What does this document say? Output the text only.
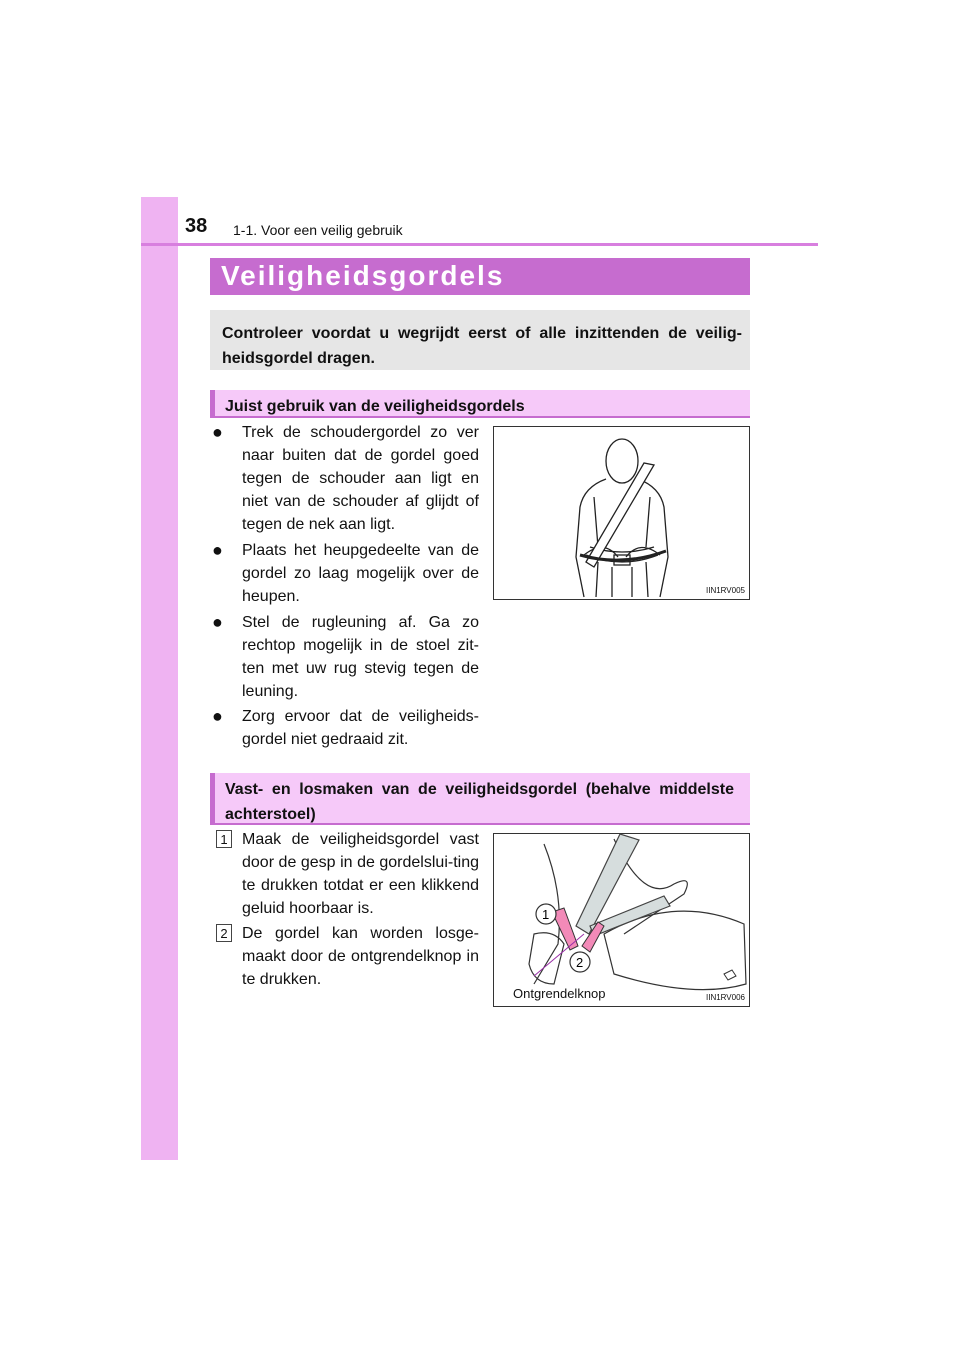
38 1-1. Voor een veilig gebruik
Veiligheidsgordels

Controleer voordat u wegrijdt eerst of alle inzittenden de veilig-heidsgordel dragen.

Juist gebruik van de veiligheidsgordels
● Trek de schoudergordel zo ver naar buiten dat de gordel goed tegen de schouder aan ligt en niet van de schouder af glijdt of tegen de nek aan ligt.
● Plaats het heupgedeelte van de gordel zo laag mogelijk over de heupen.
● Stel de rugleuning af. Ga zo rechtop mogelijk in de stoel zit-ten met uw rug stevig tegen de leuning.
● Zorg ervoor dat de veiligheids-gordel niet gedraaid zit.
IIN1RV005
Vast- en losmaken van de veiligheidsgordel (behalve middelste achterstoel)
1 Maak de veiligheidsgordel vast door de gesp in de gordelslui-ting te drukken totdat er een klikkend geluid hoorbaar is.
2 De gordel kan worden losge-maakt door de ontgrendelknop in te drukken.
1
2
Ontgrendelknop	IIN1RV006
